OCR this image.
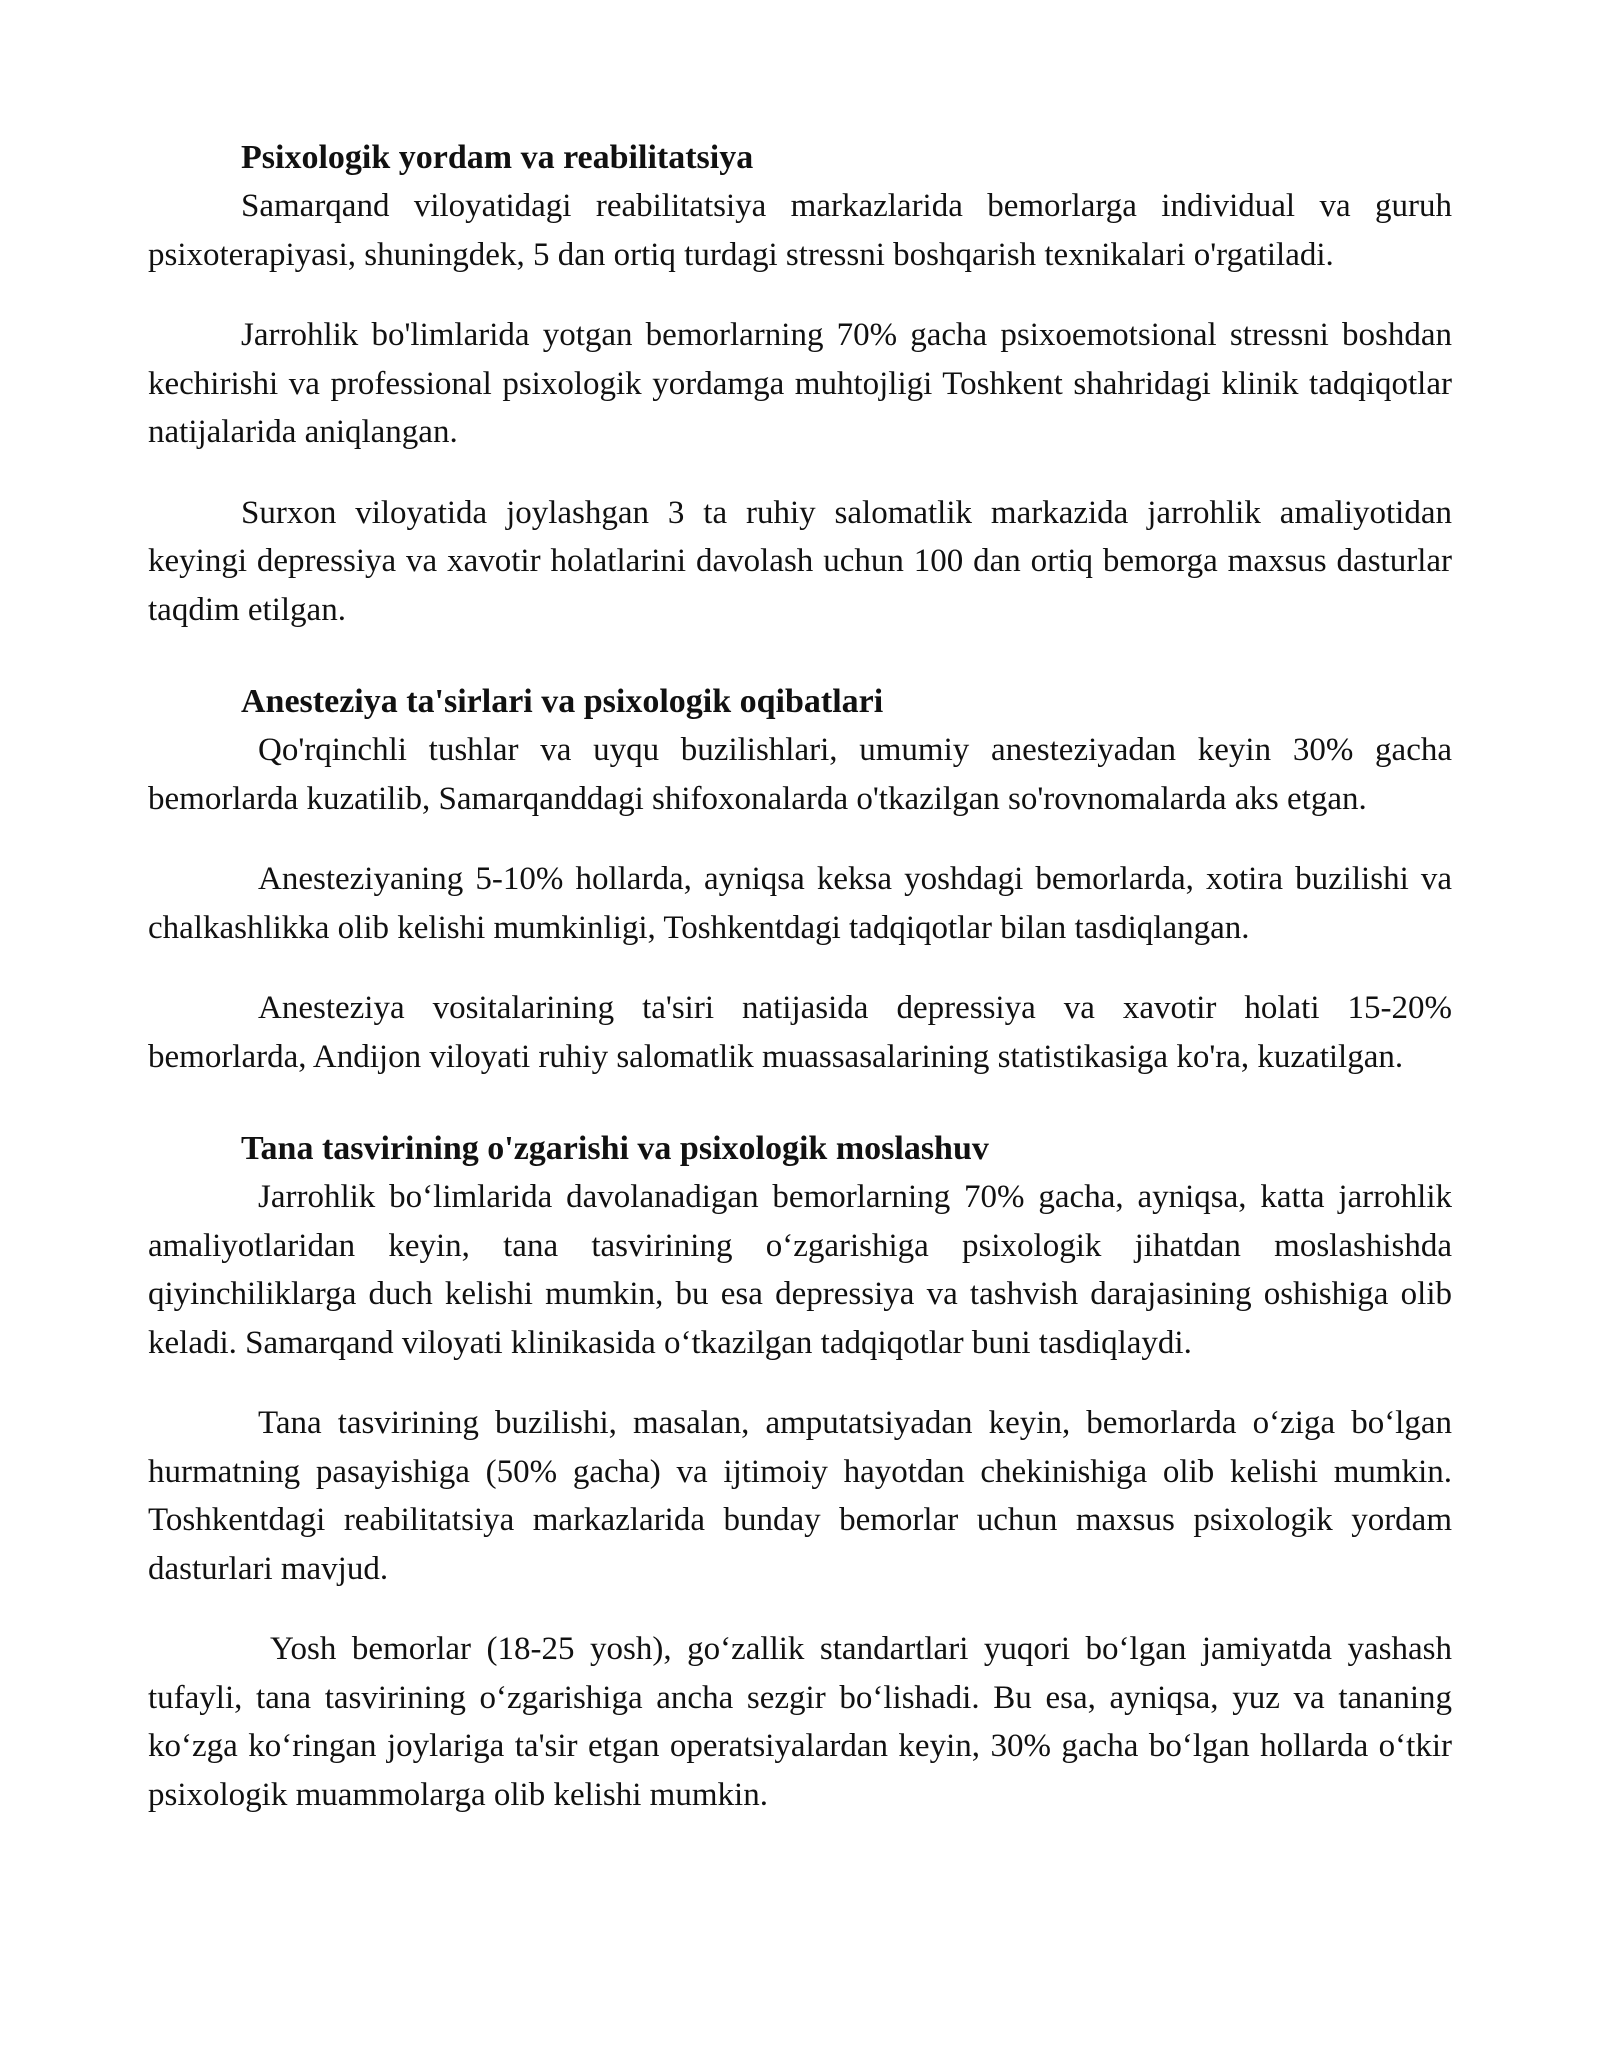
Psixologik yordam va reabilitatsiya

Samarqand viloyatidagi reabilitatsiya markazlarida bemorlarga individual va guruh psixoterapiyasi, shuningdek, 5 dan ortiq turdagi stressni boshqarish texnikalari o'rgatiladi.

Jarrohlik bo'limlarida yotgan bemorlarning 70% gacha psixoemotsional stressni boshdan kechirishi va professional psixologik yordamga muhtojligi Toshkent shahridagi klinik tadqiqotlar natijalarida aniqlangan.

Surxon viloyatida joylashgan 3 ta ruhiy salomatlik markazida jarrohlik amaliyotidan keyingi depressiya va xavotir holatlarini davolash uchun 100 dan ortiq bemorga maxsus dasturlar taqdim etilgan.

Anesteziya ta'sirlari va psixologik oqibatlari

Qo'rqinchli tushlar va uyqu buzilishlari, umumiy anesteziyadan keyin 30% gacha bemorlarda kuzatilib, Samarqanddagi shifoxonalarda o'tkazilgan so'rovnomalarda aks etgan.

Anesteziyaning 5-10% hollarda, ayniqsa keksa yoshdagi bemorlarda, xotira buzilishi va chalkashlikka olib kelishi mumkinligi, Toshkentdagi tadqiqotlar bilan tasdiqlangan.

Anesteziya vositalarining ta'siri natijasida depressiya va xavotir holati 15-20% bemorlarda, Andijon viloyati ruhiy salomatlik muassasalarining statistikasiga ko'ra, kuzatilgan.

Tana tasvirining o'zgarishi va psixologik moslashuv

Jarrohlik boʻlimlarida davolanadigan bemorlarning 70% gacha, ayniqsa, katta jarrohlik amaliyotlaridan keyin, tana tasvirining oʻzgarishiga psixologik jihatdan moslashishda qiyinchiliklarga duch kelishi mumkin, bu esa depressiya va tashvish darajasining oshishiga olib keladi. Samarqand viloyati klinikasida oʻtkazilgan tadqiqotlar buni tasdiqlaydi.

Tana tasvirining buzilishi, masalan, amputatsiyadan keyin, bemorlarda oʻziga boʻlgan hurmatning pasayishiga (50% gacha) va ijtimoiy hayotdan chekinishiga olib kelishi mumkin. Toshkentdagi reabilitatsiya markazlarida bunday bemorlar uchun maxsus psixologik yordam dasturlari mavjud.

Yosh bemorlar (18-25 yosh), goʻzallik standartlari yuqori boʻlgan jamiyatda yashash tufayli, tana tasvirining oʻzgarishiga ancha sezgir boʻlishadi. Bu esa, ayniqsa, yuz va tananing koʻzga koʻringan joylariga ta'sir etgan operatsiyalardan keyin, 30% gacha boʻlgan hollarda oʻtkir psixologik muammolarga olib kelishi mumkin.
